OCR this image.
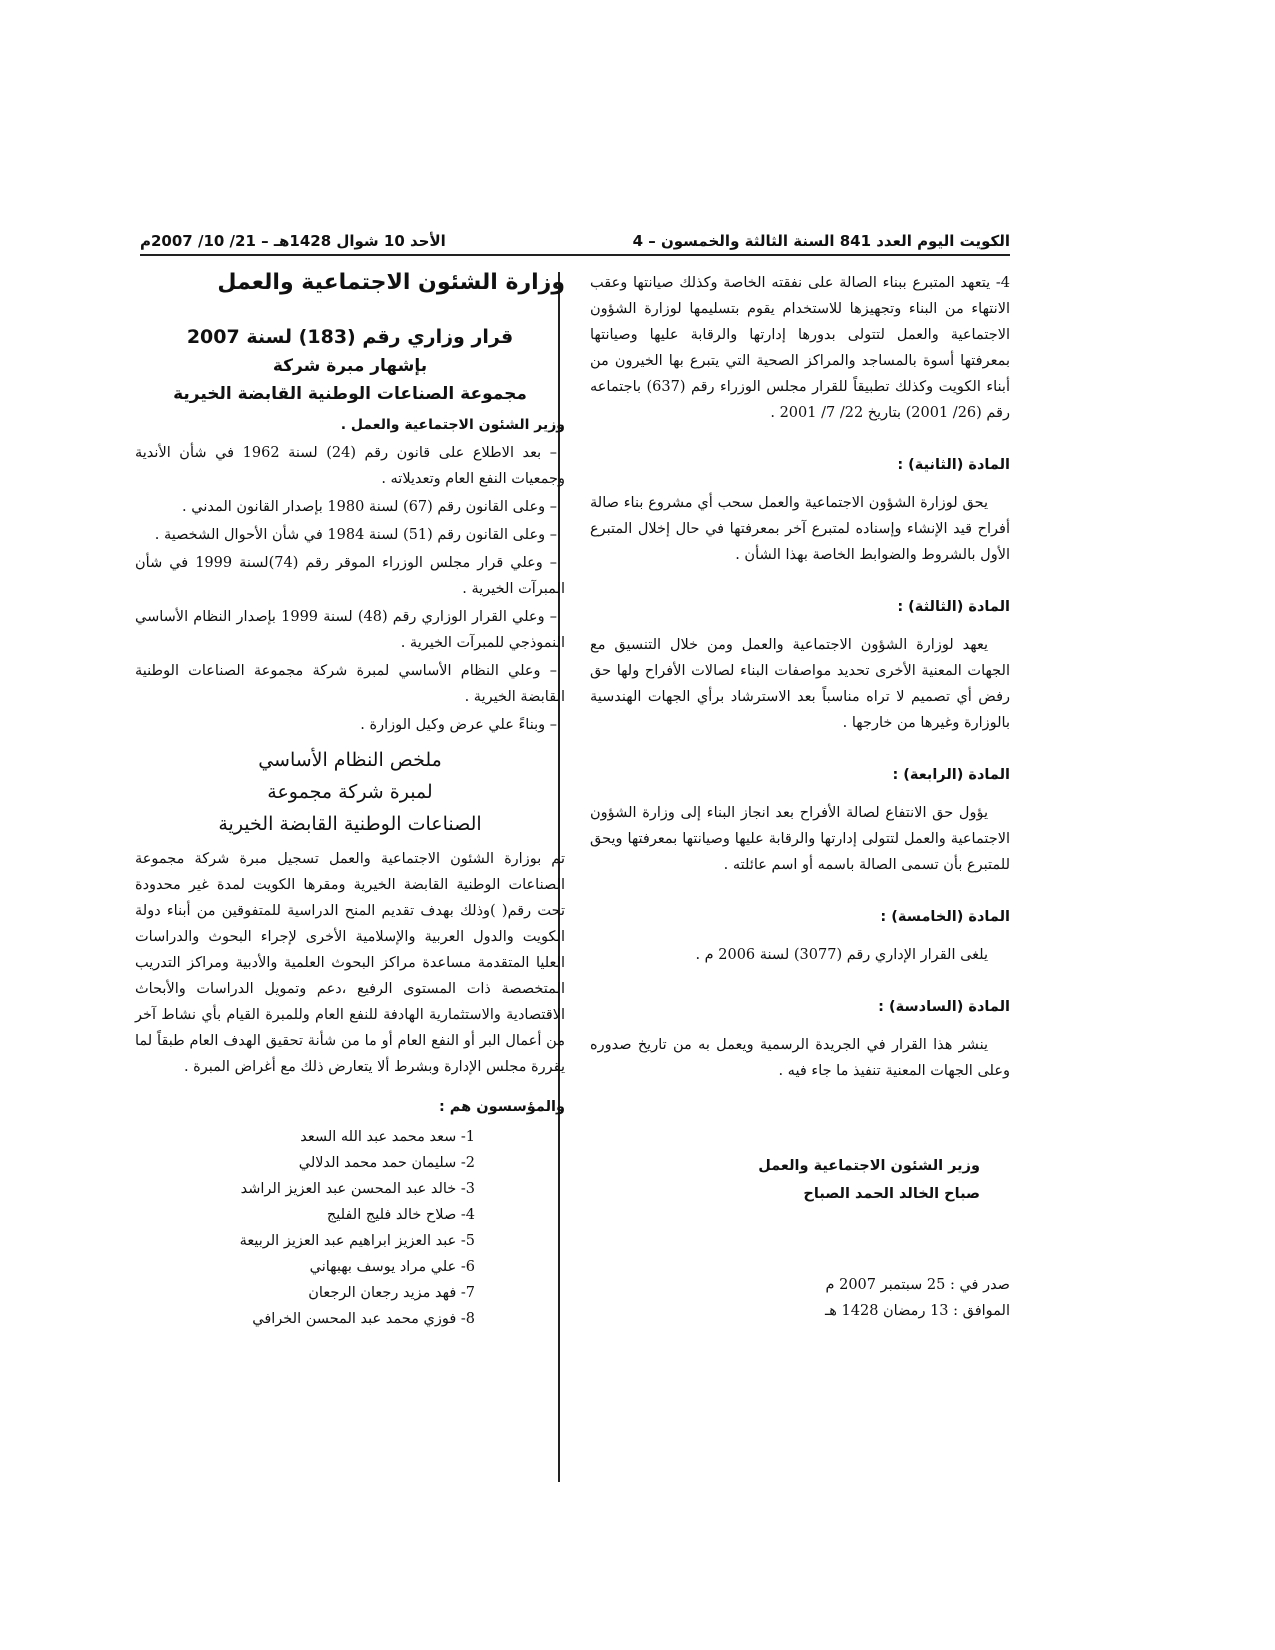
الكويت اليوم العدد 841 السنة الثالثة والخمسون – 4
الأحد 10 شوال 1428هـ – 21/ 10/ 2007م

4- يتعهد المتبرع ببناء الصالة على نفقته الخاصة وكذلك صيانتها وعقب الانتهاء من البناء وتجهيزها للاستخدام يقوم بتسليمها لوزارة الشؤون الاجتماعية والعمل لتتولى بدورها إدارتها والرقابة عليها وصيانتها بمعرفتها أسوة بالمساجد والمراكز الصحية التي يتبرع بها الخيرون من أبناء الكويت وكذلك تطبيقاً للقرار مجلس الوزراء رقم (637) باجتماعه رقم (26/ 2001) بتاريخ 22/ 7/ 2001 .

المادة (الثانية) :

يحق لوزارة الشؤون الاجتماعية والعمل سحب أي مشروع بناء صالة أفراح قيد الإنشاء وإسناده لمتبرع آخر بمعرفتها في حال إخلال المتبرع الأول بالشروط والضوابط الخاصة بهذا الشأن .

المادة (الثالثة) :

يعهد لوزارة الشؤون الاجتماعية والعمل ومن خلال التنسيق مع الجهات المعنية الأخرى تحديد مواصفات البناء لصالات الأفراح ولها حق رفض أي تصميم لا تراه مناسباً بعد الاسترشاد برأي الجهات الهندسية بالوزارة وغيرها من خارجها .

المادة (الرابعة) :

يؤول حق الانتفاع لصالة الأفراح بعد انجاز البناء إلى وزارة الشؤون الاجتماعية والعمل لتتولى إدارتها والرقابة عليها وصيانتها بمعرفتها ويحق للمتبرع بأن تسمى الصالة باسمه أو اسم عائلته .

المادة (الخامسة) :

يلغى القرار الإداري رقم (3077) لسنة 2006 م .

المادة (السادسة) :

ينشر هذا القرار في الجريدة الرسمية ويعمل به من تاريخ صدوره وعلى الجهات المعنية تنفيذ ما جاء فيه .

وزير الشئون الاجتماعية والعمل
صباح الخالد الحمد الصباح
صدر في : 25 سبتمبر 2007 م
الموافق : 13 رمضان 1428 هـ
وزارة الشئون الاجتماعية والعمل
قرار وزاري رقم (183) لسنة 2007
بإشهار مبرة شركة
مجموعة الصناعات الوطنية القابضة الخيرية
وزير الشئون الاجتماعية والعمل .

– بعد الاطلاع على قانون رقم (24) لسنة 1962 في شأن الأندية وجمعيات النفع العام وتعديلاته .

– وعلى القانون رقم (67) لسنة 1980 بإصدار القانون المدني .

– وعلى القانون رقم (51) لسنة 1984 في شأن الأحوال الشخصية .

– وعلي قرار مجلس الوزراء الموقر رقم (74)لسنة 1999 في شأن المبرآت الخيرية .

– وعلي القرار الوزاري رقم (48) لسنة 1999 بإصدار النظام الأساسي النموذجي للمبرآت الخيرية .

– وعلي النظام الأساسي لمبرة شركة مجموعة الصناعات الوطنية القابضة الخيرية .

– وبناءً علي عرض وكيل الوزارة .

ملخص النظام الأساسي
لمبرة شركة مجموعة
الصناعات الوطنية القابضة الخيرية

تم بوزارة الشئون الاجتماعية والعمل تسجيل مبرة شركة مجموعة الصناعات الوطنية القابضة الخيرية ومقرها الكويت لمدة غير محدودة تحت رقم( )وذلك بهدف تقديم المنح الدراسية للمتفوقين من أبناء دولة الكويت والدول العربية والإسلامية الأخرى لإجراء البحوث والدراسات العليا المتقدمة مساعدة مراكز البحوث العلمية والأدبية ومراكز التدريب المتخصصة ذات المستوى الرفيع ،دعم وتمويل الدراسات والأبحاث الاقتصادية والاستثمارية الهادفة للنفع العام وللمبرة القيام بأي نشاط آخر من أعمال البر أو النفع العام أو ما من شأنة تحقيق الهدف العام طبقاً لما يقررة مجلس الإدارة وبشرط ألا يتعارض ذلك مع أغراض المبرة .

والمؤسسون هم :
1- سعد محمد عبد الله السعد
2- سليمان حمد محمد الدلالي
3- خالد عبد المحسن عبد العزيز الراشد
4- صلاح خالد فليج الفليج
5- عبد العزيز ابراهيم عبد العزيز الربيعة
6- علي مراد يوسف بهبهاني
7- فهد مزيد رجعان الرجعان
8- فوزي محمد عبد المحسن الخرافي
